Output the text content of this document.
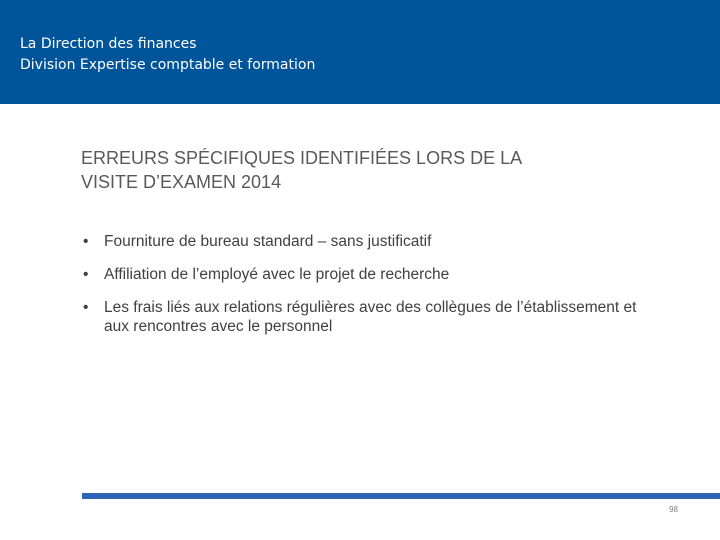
La Direction des finances
Division Expertise comptable et formation
ERREURS SPÉCIFIQUES IDENTIFIÉES LORS DE LA
VISITE D’EXAMEN 2014
• Fourniture de bureau standard – sans justificatif
• Affiliation de l’employé avec le projet de recherche
• Les frais liés aux relations régulières avec des collègues de l’établissement et aux rencontres avec le personnel
98
